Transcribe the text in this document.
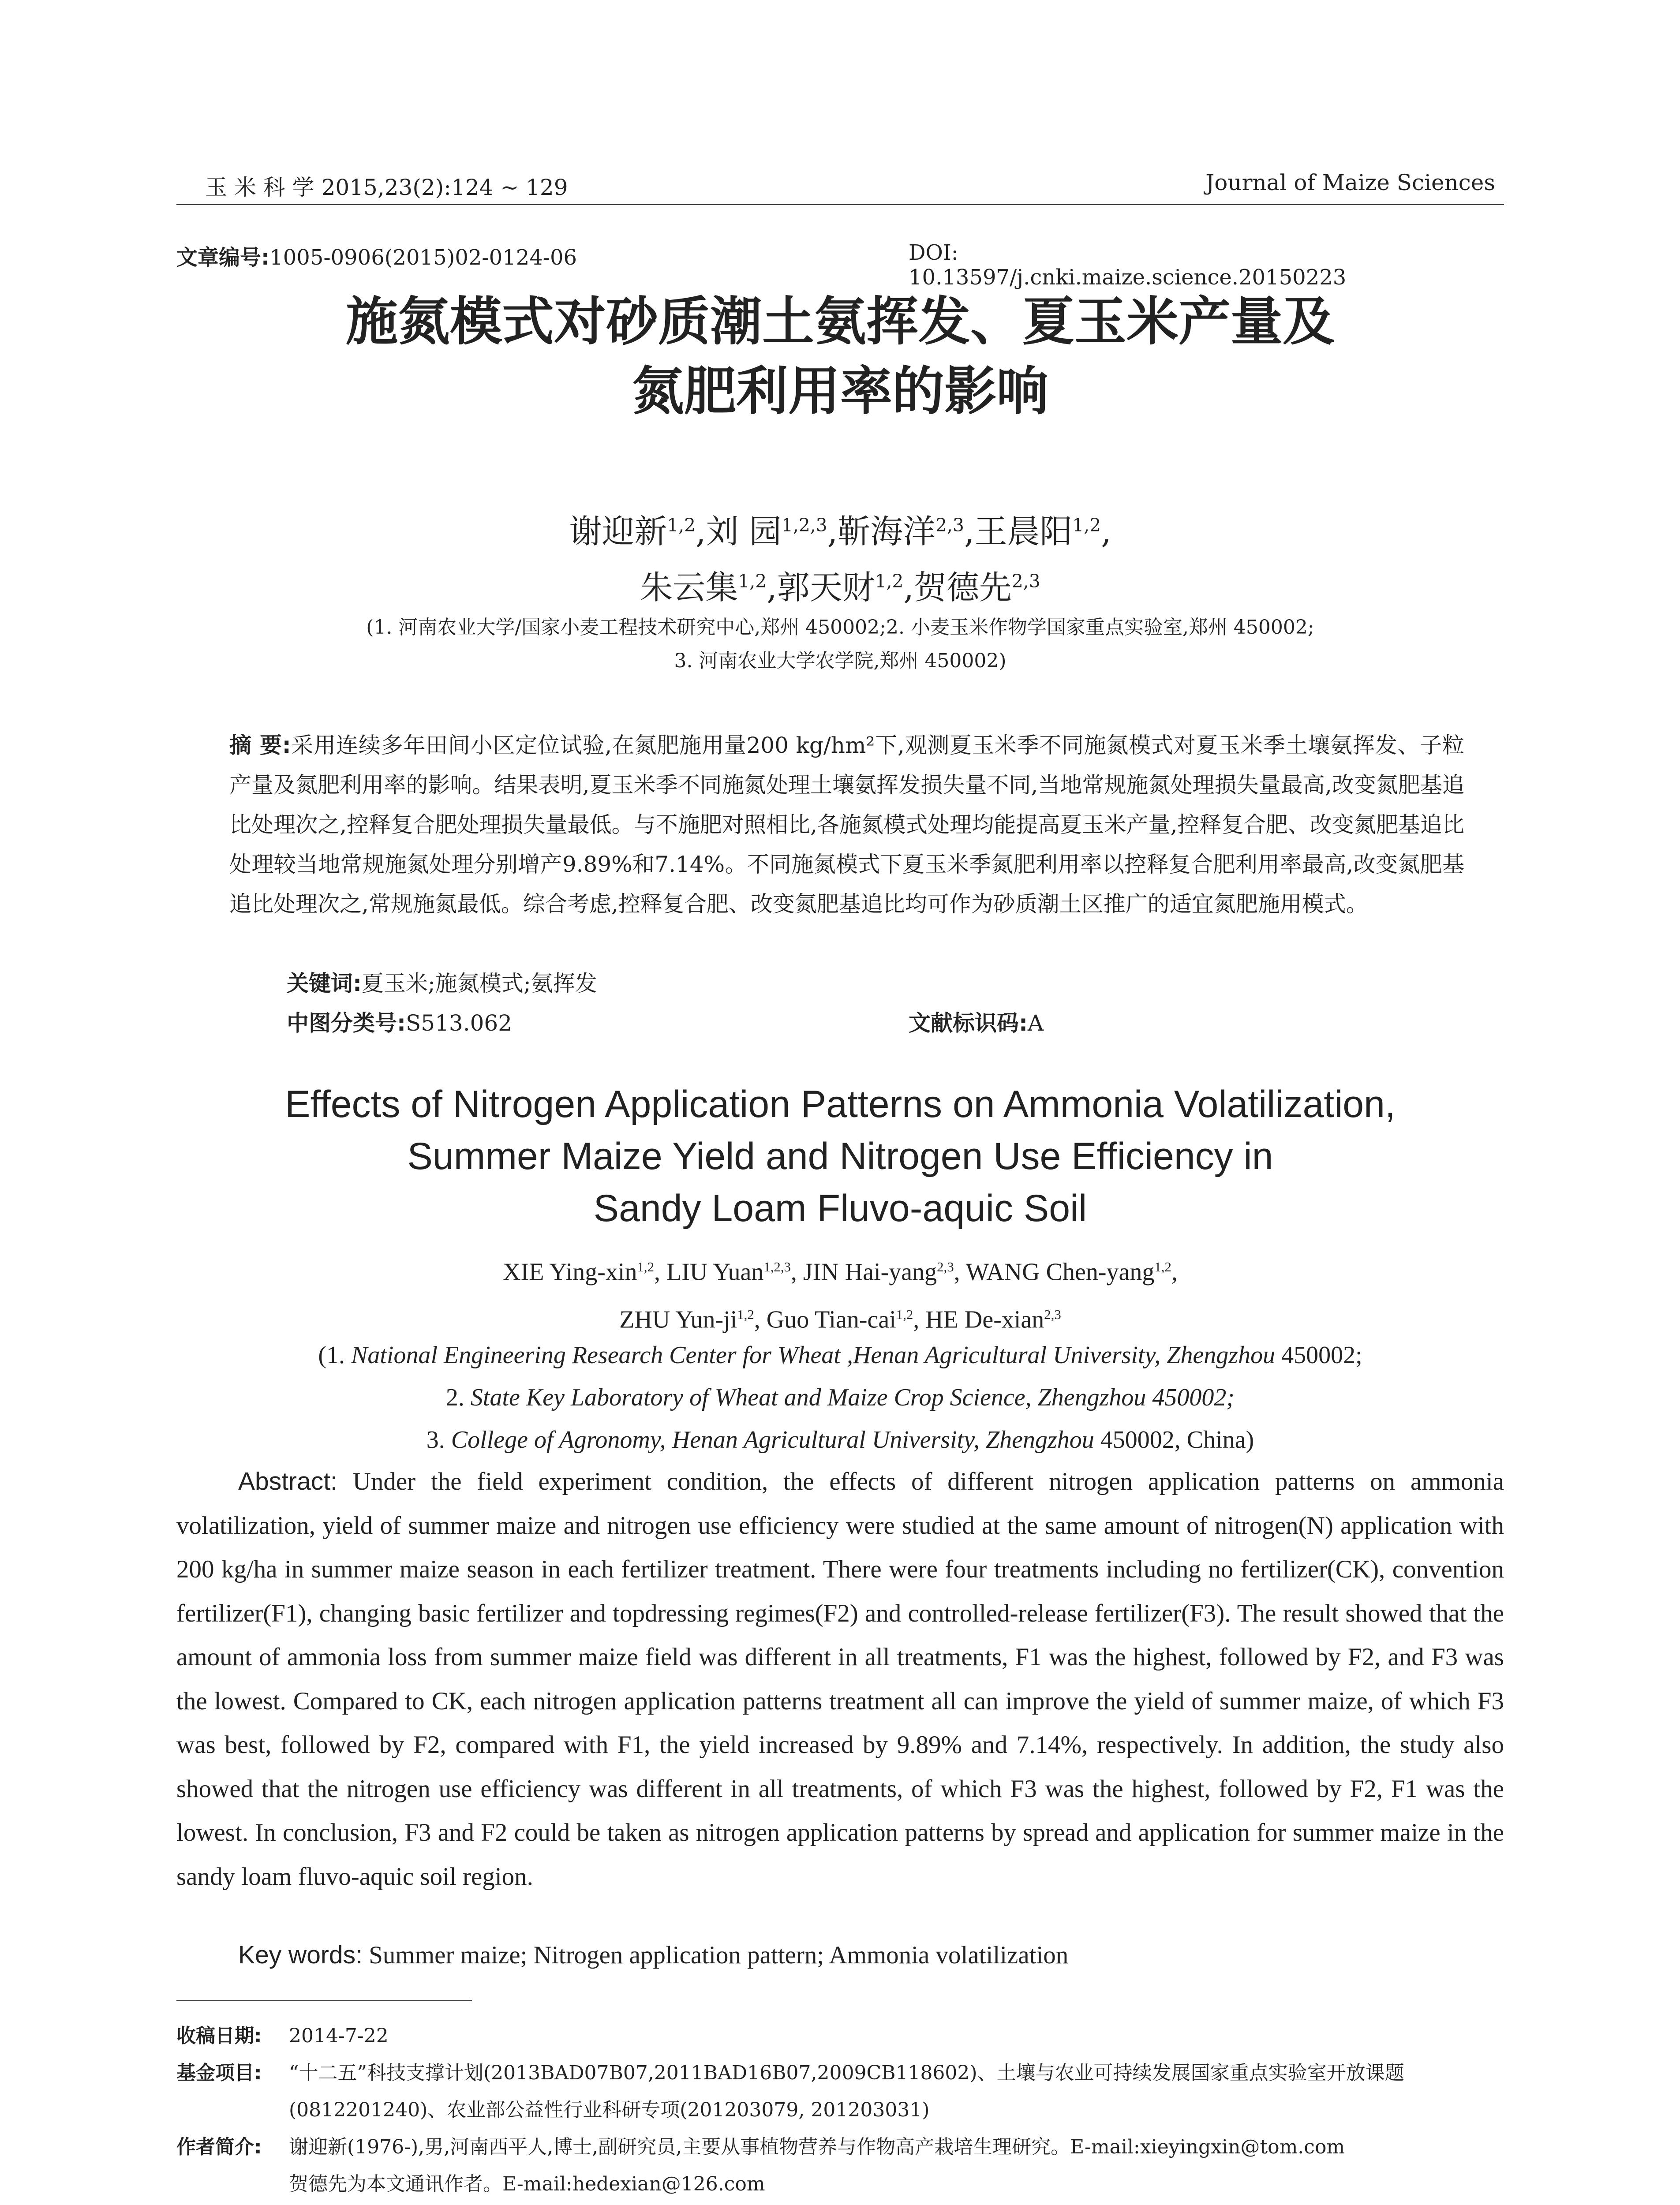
玉 米 科 学 2015,23(2):124 ~ 129	Journal of Maize Sciences
文章编号:1005-0906(2015)02-0124-06	DOI: 10.13597/j.cnki.maize.science.20150223
施氮模式对砂质潮土氨挥发、夏玉米产量及
氮肥利用率的影响
谢迎新$^{1,2}$,刘 园$^{1,2,3}$,靳海洋$^{2,3}$,王晨阳$^{1,2}$,
朱云集$^{1,2}$,郭天财$^{1,2}$,贺德先$^{2,3}$
(1. 河南农业大学/国家小麦工程技术研究中心,郑州 450002;2. 小麦玉米作物学国家重点实验室,郑州 450002;
3. 河南农业大学农学院,郑州 450002)
摘 要:采用连续多年田间小区定位试验,在氮肥施用量200 kg/hm²下,观测夏玉米季不同施氮模式对夏玉米季土壤氨挥发、子粒产量及氮肥利用率的影响。结果表明,夏玉米季不同施氮处理土壤氨挥发损失量不同,当地常规施氮处理损失量最高,改变氮肥基追比处理次之,控释复合肥处理损失量最低。与不施肥对照相比,各施氮模式处理均能提高夏玉米产量,控释复合肥、改变氮肥基追比处理较当地常规施氮处理分别增产9.89%和7.14%。不同施氮模式下夏玉米季氮肥利用率以控释复合肥利用率最高,改变氮肥基追比处理次之,常规施氮最低。综合考虑,控释复合肥、改变氮肥基追比均可作为砂质潮土区推广的适宜氮肥施用模式。
关键词:夏玉米;施氮模式;氨挥发
中图分类号:S513.062	文献标识码:A
Effects of Nitrogen Application Patterns on Ammonia Volatilization,
Summer Maize Yield and Nitrogen Use Efficiency in
Sandy Loam Fluvo-aquic Soil
XIE Ying-xin$^{1,2}$, LIU Yuan$^{1,2,3}$, JIN Hai-yang$^{2,3}$, WANG Chen-yang$^{1,2}$,
ZHU Yun-ji$^{1,2}$, Guo Tian-cai$^{1,2}$, HE De-xian$^{2,3}$
(1. National Engineering Research Center for Wheat ,Henan Agricultural University, Zhengzhou 450002;
2. State Key Laboratory of Wheat and Maize Crop Science, Zhengzhou 450002;
3. College of Agronomy, Henan Agricultural University, Zhengzhou 450002, China)
Abstract: Under the field experiment condition, the effects of different nitrogen application patterns on ammonia volatilization, yield of summer maize and nitrogen use efficiency were studied at the same amount of nitrogen(N) application with 200 kg/ha in summer maize season in each fertilizer treatment. There were four treatments including no fertilizer(CK), convention fertilizer(F1), changing basic fertilizer and topdressing regimes(F2) and controlled-release fertilizer(F3). The result showed that the amount of ammonia loss from summer maize field was different in all treatments, F1 was the highest, followed by F2, and F3 was the lowest. Compared to CK, each nitrogen application patterns treatment all can improve the yield of summer maize, of which F3 was best, followed by F2, compared with F1, the yield increased by 9.89% and 7.14%, respectively. In addition, the study also showed that the nitrogen use efficiency was different in all treatments, of which F3 was the highest, followed by F2, F1 was the lowest. In conclusion, F3 and F2 could be taken as nitrogen application patterns by spread and application for summer maize in the sandy loam fluvo-aquic soil region.
Key words: Summer maize; Nitrogen application pattern; Ammonia volatilization
收稿日期:	2014-7-22
基金项目:	“十二五”科技支撑计划(2013BAD07B07,2011BAD16B07,2009CB118602)、土壤与农业可持续发展国家重点实验室开放课题
(0812201240)、农业部公益性行业科研专项(201203079, 201203031)
作者简介:	谢迎新(1976-),男,河南西平人,博士,副研究员,主要从事植物营养与作物高产栽培生理研究。E-mail:xieyingxin@tom.com
贺德先为本文通讯作者。E-mail:hedexian@126.com
